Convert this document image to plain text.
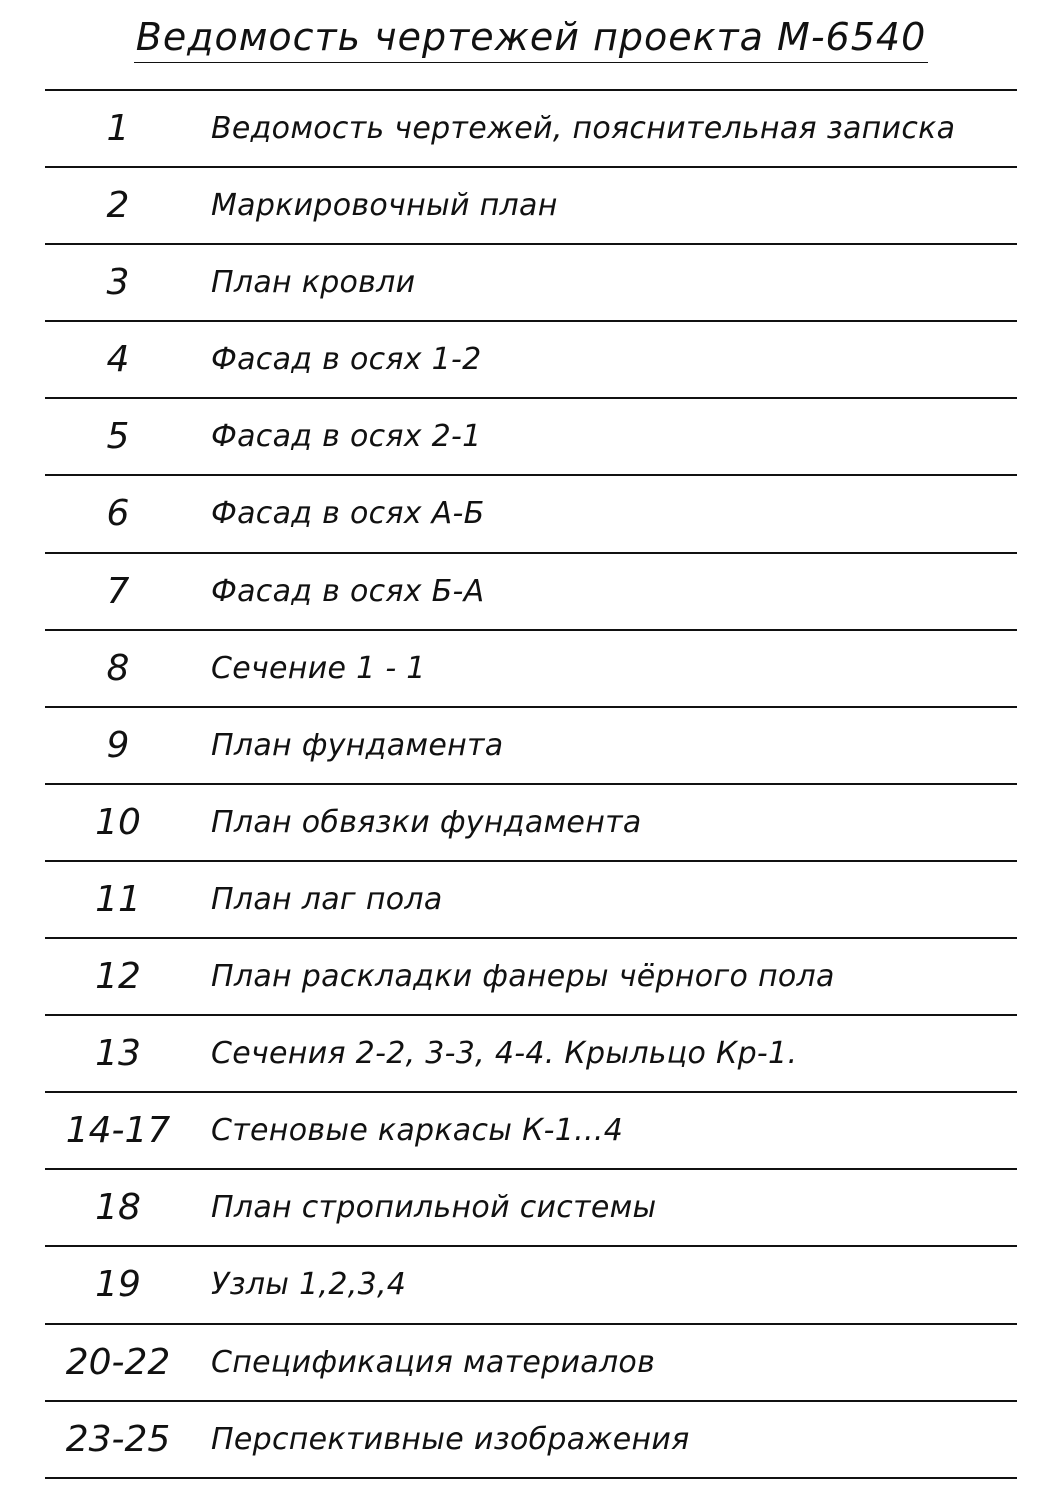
Ведомость чертежей проекта М-6540
1	Ведомость чертежей, пояснительная записка
2	Маркировочный план
3	План кровли
4	Фасад в осях 1-2
5	Фасад в осях 2-1
6	Фасад в осях А-Б
7	Фасад в осях Б-А
8	Сечение 1 - 1
9	План фундамента
10	План обвязки фундамента
11	План лаг пола
12	План раскладки фанеры чёрного пола
13	Сечения 2-2, 3-3, 4-4. Крыльцо Кр-1.
14-17	Стеновые каркасы К-1...4
18	План стропильной системы
19	Узлы 1,2,3,4
20-22	Спецификация материалов
23-25	Перспективные изображения
